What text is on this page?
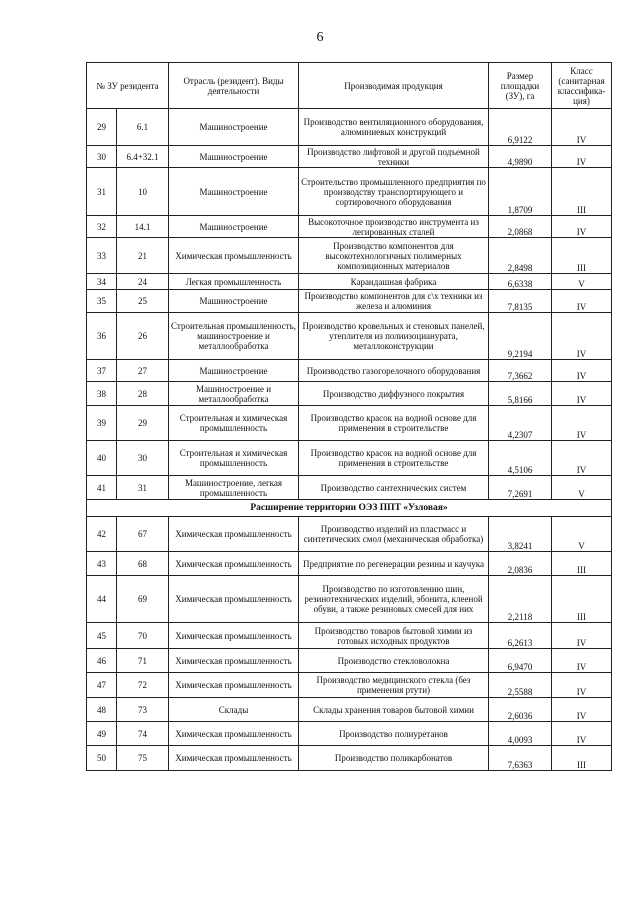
6
№ ЗУ резидента		Отрасль (резидент). Виды деятельности	Производимая продукция	Размер площадки (ЗУ), га	Класс (санитарная классифика- ция)
29	6.1	Машиностроение	Производство вентиляционного оборудования, алюминиевых конструкций	6,9122	IV
30	6.4+32.1	Машиностроение	Производство лифтовой и другой подъемной техники	4,9890	IV
31	10	Машиностроение	Строительство промышленного предприятия по производству транспортирующего и сортировочного оборудования	1,8709	III
32	14.1	Машиностроение	Высокоточное производство инструмента из легированных сталей	2,0868	IV
33	21	Химическая промышленность	Производство компонентов для высокотехнологичных полимерных композиционных материалов	2,8498	III
34	24	Легкая промышленность	Карандашная фабрика	6,6338	V
35	25	Машиностроение	Производство компонентов для с\х техники из железа и алюминия	7,8135	IV
36	26	Строительная промышленность, машиностроение и металлообработка	Производство кровельных и стеновых панелей, утеплителя из полиизоцианурата, металлоконструкции	9,2194	IV
37	27	Машиностроение	Производство газогорелочного оборудования	7,3662	IV
38	28	Машиностроение и металлообработка	Производство диффузного покрытия	5,8166	IV
39	29	Строительная и химическая промышленность	Производство красок на водной основе для применения в строительстве	4,2307	IV
40	30	Строительная и химическая промышленность	Производство красок на водной основе для применения в строительстве	4,5106	IV
41	31	Машиностроение, легкая промышленность	Производство сантехнических систем	7,2691	V
Расширение территории ОЭЗ ППТ «Узловая»					
42	67	Химическая промышленность	Производство изделий из пластмасс и синтетических смол (механическая обработка)	3,8241	V
43	68	Химическая промышленность	Предприятие по регенерации резины и каучука	2,0836	III
44	69	Химическая промышленность	Производство по изготовлению шин, резинотехнических изделий, эбонита, клееной обуви, а также резиновых смесей для них	2,2118	III
45	70	Химическая промышленность	Производство товаров бытовой химии из готовых исходных продуктов	6,2613	IV
46	71	Химическая промышленность	Производство стекловолокна	6,9470	IV
47	72	Химическая промышленность	Производство медицинского стекла (без применения ртути)	2,5588	IV
48	73	Склады	Склады хранения товаров бытовой химии	2,6036	IV
49	74	Химическая промышленность	Производство полиуретанов	4,0093	IV
50	75	Химическая промышленность	Производство поликарбонатов	7,6363	III
